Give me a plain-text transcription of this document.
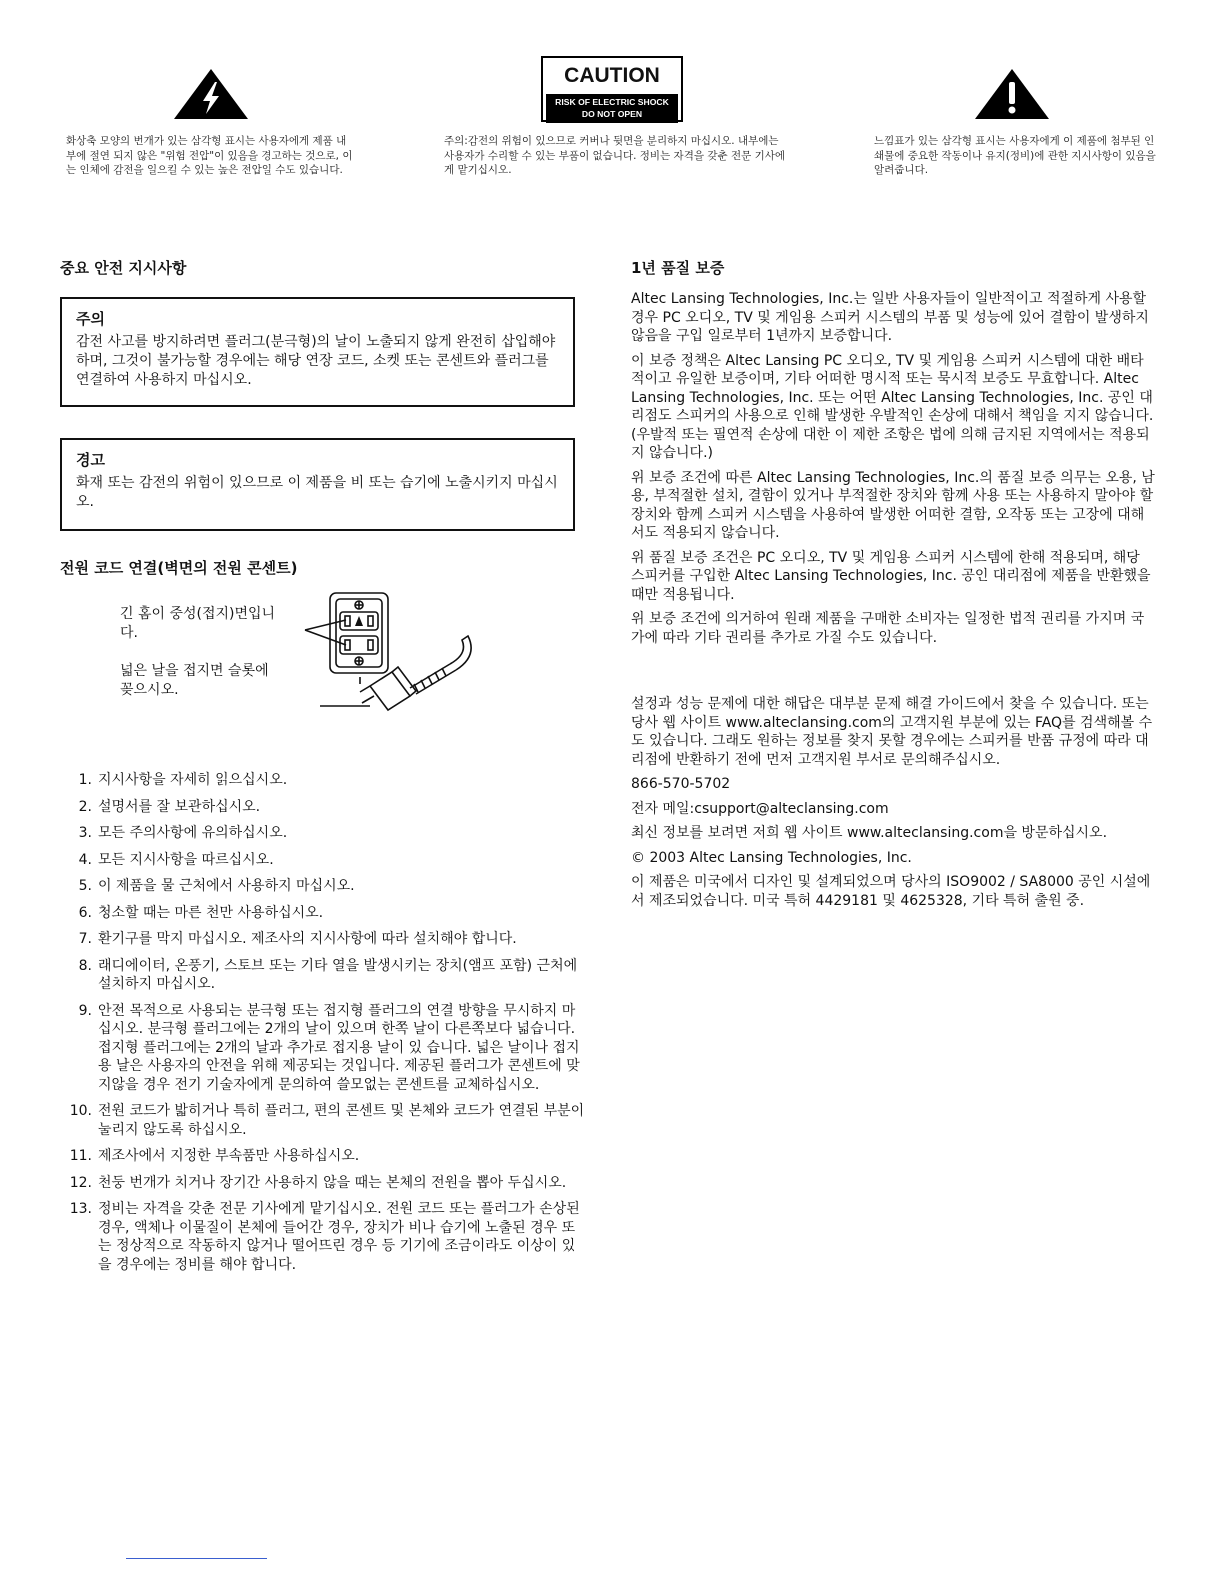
화상축 모양의 번개가 있는 삼각형 표시는 사용자에게 제품 내부에 절연 되지 않은 "위험 전압"이 있음을 경고하는 것으로, 이는 인체에 감전을 일으킬 수 있는 높은 전압일 수도 있습니다.
CAUTION
RISK OF ELECTRIC SHOCK
DO NOT OPEN
주의:감전의 위험이 있으므로 커버나 뒷면을 분리하지 마십시오. 내부에는 사용자가 수리할 수 있는 부품이 없습니다. 정비는 자격을 갖춘 전문 기사에게 맡기십시오.
느낌표가 있는 삼각형 표시는 사용자에게 이 제품에 첨부된 인쇄물에 중요한 작동이나 유지(정비)에 관한 지시사항이 있음을 알려줍니다.
중요 안전 지시사항
주의
감전 사고를 방지하려면 플러그(분극형)의 날이 노출되지 않게 완전히 삽입해야 하며, 그것이 불가능할 경우에는 해당 연장 코드, 소켓 또는 콘센트와 플러그를 연결하여 사용하지 마십시오.
경고
화재 또는 감전의 위험이 있으므로 이 제품을 비 또는 습기에 노출시키지 마십시오.
전원 코드 연결(벽면의 전원 콘센트)
긴 홈이 중성(접지)면입니다.
넓은 날을 접지면 슬롯에 꽂으시오.
1. 지시사항을 자세히 읽으십시오.
2. 설명서를 잘 보관하십시오.
3. 모든 주의사항에 유의하십시오.
4. 모든 지시사항을 따르십시오.
5. 이 제품을 물 근처에서 사용하지 마십시오.
6. 청소할 때는 마른 천만 사용하십시오.
7. 환기구를 막지 마십시오. 제조사의 지시사항에 따라 설치해야 합니다.
8. 래디에이터, 온풍기, 스토브 또는 기타 열을 발생시키는 장치(앰프 포함) 근처에 설치하지 마십시오.
9. 안전 목적으로 사용되는 분극형 또는 접지형 플러그의 연결 방향을 무시하지 마십시오. 분극형 플러그에는 2개의 날이 있으며 한쪽 날이 다른쪽보다 넓습니다. 접지형 플러그에는 2개의 날과 추가로 접지용 날이 있 습니다. 넓은 날이나 접지용 날은 사용자의 안전을 위해 제공되는 것입니다. 제공된 플러그가 콘센트에 맞지않을 경우 전기 기술자에게 문의하여 쓸모없는 콘센트를 교체하십시오.
10. 전원 코드가 밟히거나 특히 플러그, 편의 콘센트 및 본체와 코드가 연결된 부분이 눌리지 않도록 하십시오.
11. 제조사에서 지정한 부속품만 사용하십시오.
12. 천둥 번개가 치거나 장기간 사용하지 않을 때는 본체의 전원을 뽑아 두십시오.
13. 정비는 자격을 갖춘 전문 기사에게 맡기십시오. 전원 코드 또는 플러그가 손상된 경우, 액체나 이물질이 본체에 들어간 경우, 장치가 비나 습기에 노출된 경우 또는 정상적으로 작동하지 않거나 떨어뜨린 경우 등 기기에 조금이라도 이상이 있을 경우에는 정비를 해야 합니다.
1년 품질 보증

Altec Lansing Technologies, Inc.는 일반 사용자들이 일반적이고 적절하게 사용할 경우 PC 오디오, TV 및 게임용 스피커 시스템의 부품 및 성능에 있어 결함이 발생하지 않음을 구입 일로부터 1년까지 보증합니다.

이 보증 정책은 Altec Lansing PC 오디오, TV 및 게임용 스피커 시스템에 대한 배타적이고 유일한 보증이며, 기타 어떠한 명시적 또는 묵시적 보증도 무효합니다. Altec Lansing Technologies, Inc. 또는 어떤 Altec Lansing Technologies, Inc. 공인 대리점도 스피커의 사용으로 인해 발생한 우발적인 손상에 대해서 책임을 지지 않습니다. (우발적 또는 필연적 손상에 대한 이 제한 조항은 법에 의해 금지된 지역에서는 적용되지 않습니다.)

위 보증 조건에 따른 Altec Lansing Technologies, Inc.의 품질 보증 의무는 오용, 남용, 부적절한 설치, 결함이 있거나 부적절한 장치와 함께 사용 또는 사용하지 말아야 할 장치와 함께 스피커 시스템을 사용하여 발생한 어떠한 결함, 오작동 또는 고장에 대해서도 적용되지 않습니다.

위 품질 보증 조건은 PC 오디오, TV 및 게임용 스피커 시스템에 한해 적용되며, 해당 스피커를 구입한 Altec Lansing Technologies, Inc. 공인 대리점에 제품을 반환했을 때만 적용됩니다.

위 보증 조건에 의거하여 원래 제품을 구매한 소비자는 일정한 법적 권리를 가지며 국가에 따라 기타 권리를 추가로 가질 수도 있습니다.

설정과 성능 문제에 대한 해답은 대부분 문제 해결 가이드에서 찾을 수 있습니다. 또는 당사 웹 사이트 www.alteclansing.com의 고객지원 부분에 있는 FAQ를 검색해볼 수도 있습니다. 그래도 원하는 정보를 찾지 못할 경우에는 스피커를 반품 규정에 따라 대리점에 반환하기 전에 먼저 고객지원 부서로 문의해주십시오.

866-570-5702

전자 메일:csupport@alteclansing.com

최신 정보를 보려면 저희 웹 사이트 www.alteclansing.com을 방문하십시오.

© 2003 Altec Lansing Technologies, Inc.

이 제품은 미국에서 디자인 및 설계되었으며 당사의 ISO9002 / SA8000 공인 시설에서 제조되었습니다. 미국 특허 4429181 및 4625328, 기타 특허 출원 중.
